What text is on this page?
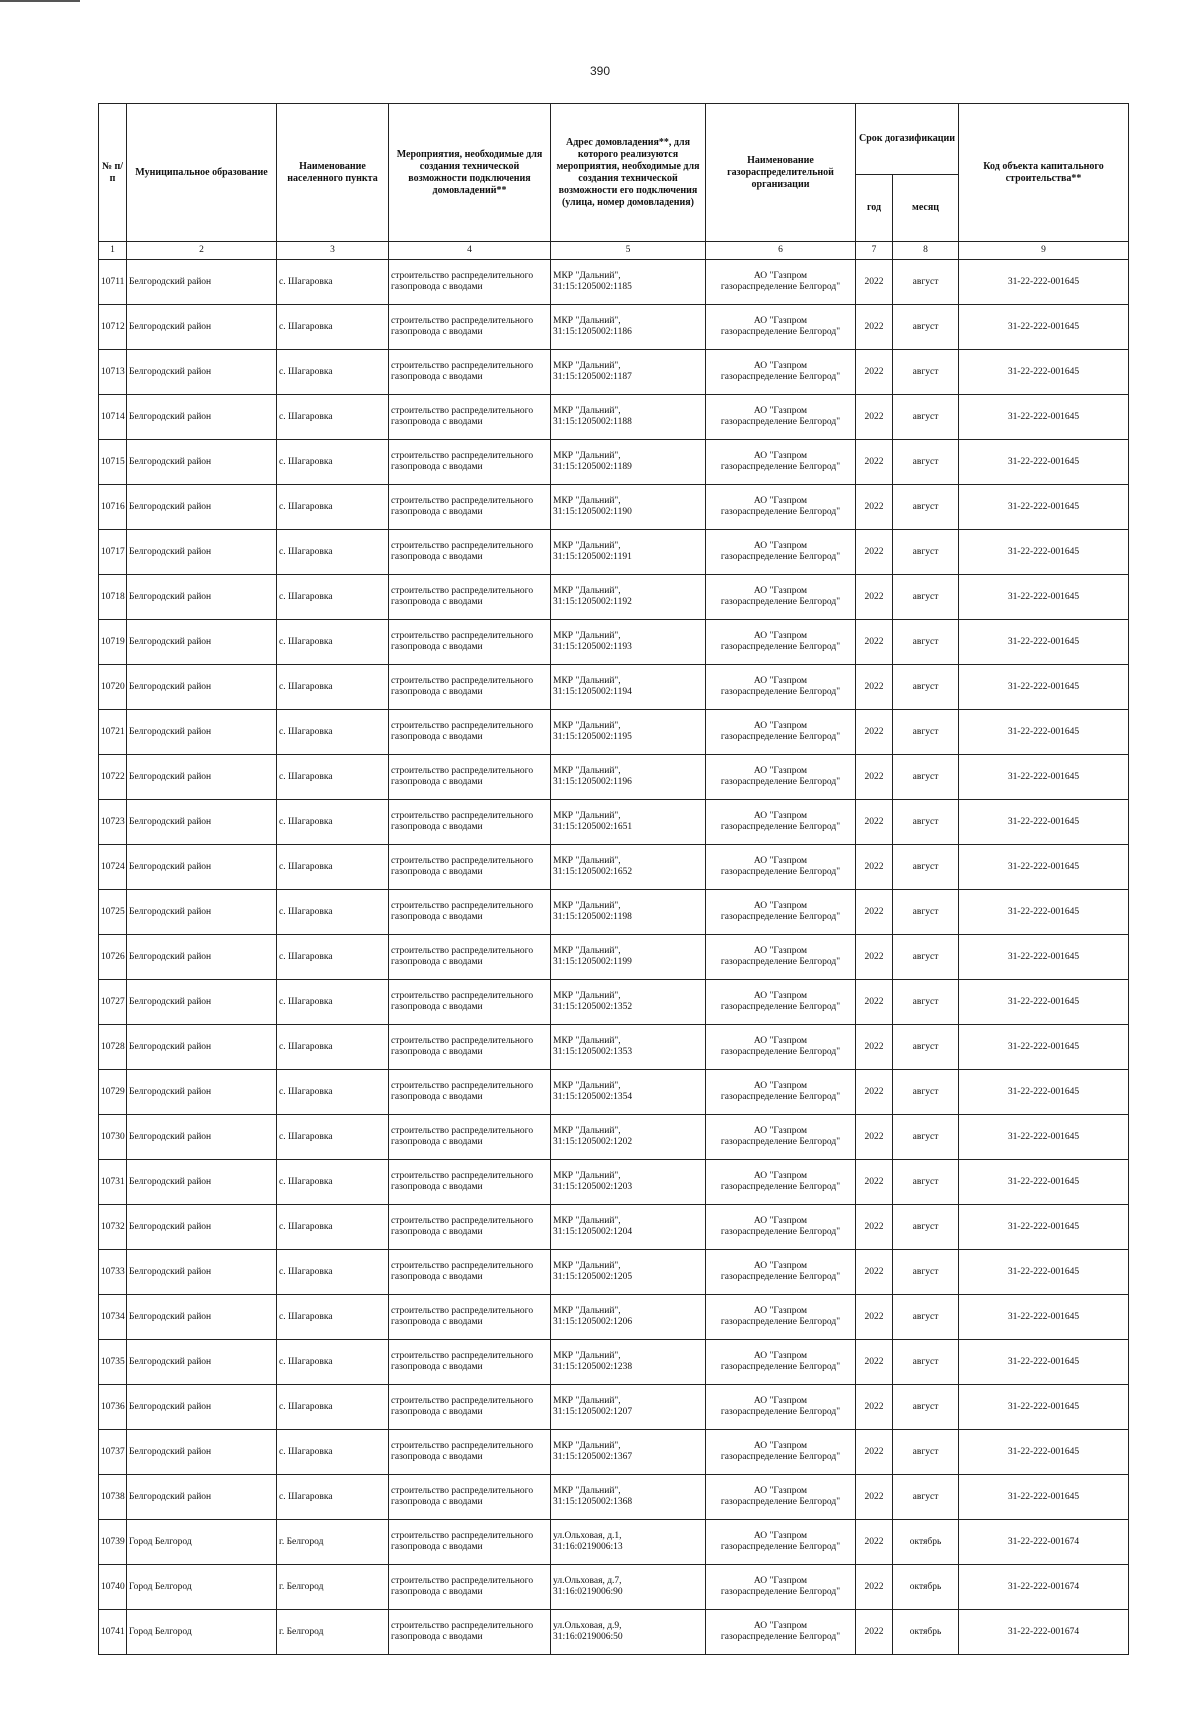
390
№ п/п	Муниципальное образование	Наименование населенного пункта	Мероприятия, необходимые для создания технической возможности подключения домовладений**	Адрес домовладения**, для которого реализуются мероприятия, необходимые для создания технической возможности его подключения (улица, номер домовладения)	Наименование газораспределительной организации	Срок догазификации		Код объекта капитального строительства**
						год	месяц	
1	2	3	4	5	6	7	8	9
10711	Белгородский район	с. Шагаровка	строительство распределительного газопровода с вводами	МКР "Дальний",
31:15:1205002:1185	АО "Газпром
газораспределение Белгород"	2022	август	31-22-222-001645
10712	Белгородский район	с. Шагаровка	строительство распределительного газопровода с вводами	МКР "Дальний",
31:15:1205002:1186	АО "Газпром
газораспределение Белгород"	2022	август	31-22-222-001645
10713	Белгородский район	с. Шагаровка	строительство распределительного газопровода с вводами	МКР "Дальний",
31:15:1205002:1187	АО "Газпром
газораспределение Белгород"	2022	август	31-22-222-001645
10714	Белгородский район	с. Шагаровка	строительство распределительного газопровода с вводами	МКР "Дальний",
31:15:1205002:1188	АО "Газпром
газораспределение Белгород"	2022	август	31-22-222-001645
10715	Белгородский район	с. Шагаровка	строительство распределительного газопровода с вводами	МКР "Дальний",
31:15:1205002:1189	АО "Газпром
газораспределение Белгород"	2022	август	31-22-222-001645
10716	Белгородский район	с. Шагаровка	строительство распределительного газопровода с вводами	МКР "Дальний",
31:15:1205002:1190	АО "Газпром
газораспределение Белгород"	2022	август	31-22-222-001645
10717	Белгородский район	с. Шагаровка	строительство распределительного газопровода с вводами	МКР "Дальний",
31:15:1205002:1191	АО "Газпром
газораспределение Белгород"	2022	август	31-22-222-001645
10718	Белгородский район	с. Шагаровка	строительство распределительного газопровода с вводами	МКР "Дальний",
31:15:1205002:1192	АО "Газпром
газораспределение Белгород"	2022	август	31-22-222-001645
10719	Белгородский район	с. Шагаровка	строительство распределительного газопровода с вводами	МКР "Дальний",
31:15:1205002:1193	АО "Газпром
газораспределение Белгород"	2022	август	31-22-222-001645
10720	Белгородский район	с. Шагаровка	строительство распределительного газопровода с вводами	МКР "Дальний",
31:15:1205002:1194	АО "Газпром
газораспределение Белгород"	2022	август	31-22-222-001645
10721	Белгородский район	с. Шагаровка	строительство распределительного газопровода с вводами	МКР "Дальний",
31:15:1205002:1195	АО "Газпром
газораспределение Белгород"	2022	август	31-22-222-001645
10722	Белгородский район	с. Шагаровка	строительство распределительного газопровода с вводами	МКР "Дальний",
31:15:1205002:1196	АО "Газпром
газораспределение Белгород"	2022	август	31-22-222-001645
10723	Белгородский район	с. Шагаровка	строительство распределительного газопровода с вводами	МКР "Дальний",
31:15:1205002:1651	АО "Газпром
газораспределение Белгород"	2022	август	31-22-222-001645
10724	Белгородский район	с. Шагаровка	строительство распределительного газопровода с вводами	МКР "Дальний",
31:15:1205002:1652	АО "Газпром
газораспределение Белгород"	2022	август	31-22-222-001645
10725	Белгородский район	с. Шагаровка	строительство распределительного газопровода с вводами	МКР "Дальний",
31:15:1205002:1198	АО "Газпром
газораспределение Белгород"	2022	август	31-22-222-001645
10726	Белгородский район	с. Шагаровка	строительство распределительного газопровода с вводами	МКР "Дальний",
31:15:1205002:1199	АО "Газпром
газораспределение Белгород"	2022	август	31-22-222-001645
10727	Белгородский район	с. Шагаровка	строительство распределительного газопровода с вводами	МКР "Дальний",
31:15:1205002:1352	АО "Газпром
газораспределение Белгород"	2022	август	31-22-222-001645
10728	Белгородский район	с. Шагаровка	строительство распределительного газопровода с вводами	МКР "Дальний",
31:15:1205002:1353	АО "Газпром
газораспределение Белгород"	2022	август	31-22-222-001645
10729	Белгородский район	с. Шагаровка	строительство распределительного газопровода с вводами	МКР "Дальний",
31:15:1205002:1354	АО "Газпром
газораспределение Белгород"	2022	август	31-22-222-001645
10730	Белгородский район	с. Шагаровка	строительство распределительного газопровода с вводами	МКР "Дальний",
31:15:1205002:1202	АО "Газпром
газораспределение Белгород"	2022	август	31-22-222-001645
10731	Белгородский район	с. Шагаровка	строительство распределительного газопровода с вводами	МКР "Дальний",
31:15:1205002:1203	АО "Газпром
газораспределение Белгород"	2022	август	31-22-222-001645
10732	Белгородский район	с. Шагаровка	строительство распределительного газопровода с вводами	МКР "Дальний",
31:15:1205002:1204	АО "Газпром
газораспределение Белгород"	2022	август	31-22-222-001645
10733	Белгородский район	с. Шагаровка	строительство распределительного газопровода с вводами	МКР "Дальний",
31:15:1205002:1205	АО "Газпром
газораспределение Белгород"	2022	август	31-22-222-001645
10734	Белгородский район	с. Шагаровка	строительство распределительного газопровода с вводами	МКР "Дальний",
31:15:1205002:1206	АО "Газпром
газораспределение Белгород"	2022	август	31-22-222-001645
10735	Белгородский район	с. Шагаровка	строительство распределительного газопровода с вводами	МКР "Дальний",
31:15:1205002:1238	АО "Газпром
газораспределение Белгород"	2022	август	31-22-222-001645
10736	Белгородский район	с. Шагаровка	строительство распределительного газопровода с вводами	МКР "Дальний",
31:15:1205002:1207	АО "Газпром
газораспределение Белгород"	2022	август	31-22-222-001645
10737	Белгородский район	с. Шагаровка	строительство распределительного газопровода с вводами	МКР "Дальний",
31:15:1205002:1367	АО "Газпром
газораспределение Белгород"	2022	август	31-22-222-001645
10738	Белгородский район	с. Шагаровка	строительство распределительного газопровода с вводами	МКР "Дальний",
31:15:1205002:1368	АО "Газпром
газораспределение Белгород"	2022	август	31-22-222-001645
10739	Город Белгород	г. Белгород	строительство распределительного газопровода с вводами	ул.Ольховая, д.1,
31:16:0219006:13	АО "Газпром
газораспределение Белгород"	2022	октябрь	31-22-222-001674
10740	Город Белгород	г. Белгород	строительство распределительного газопровода с вводами	ул.Ольховая, д.7,
31:16:0219006:90	АО "Газпром
газораспределение Белгород"	2022	октябрь	31-22-222-001674
10741	Город Белгород	г. Белгород	строительство распределительного газопровода с вводами	ул.Ольховая, д.9,
31:16:0219006:50	АО "Газпром
газораспределение Белгород"	2022	октябрь	31-22-222-001674
